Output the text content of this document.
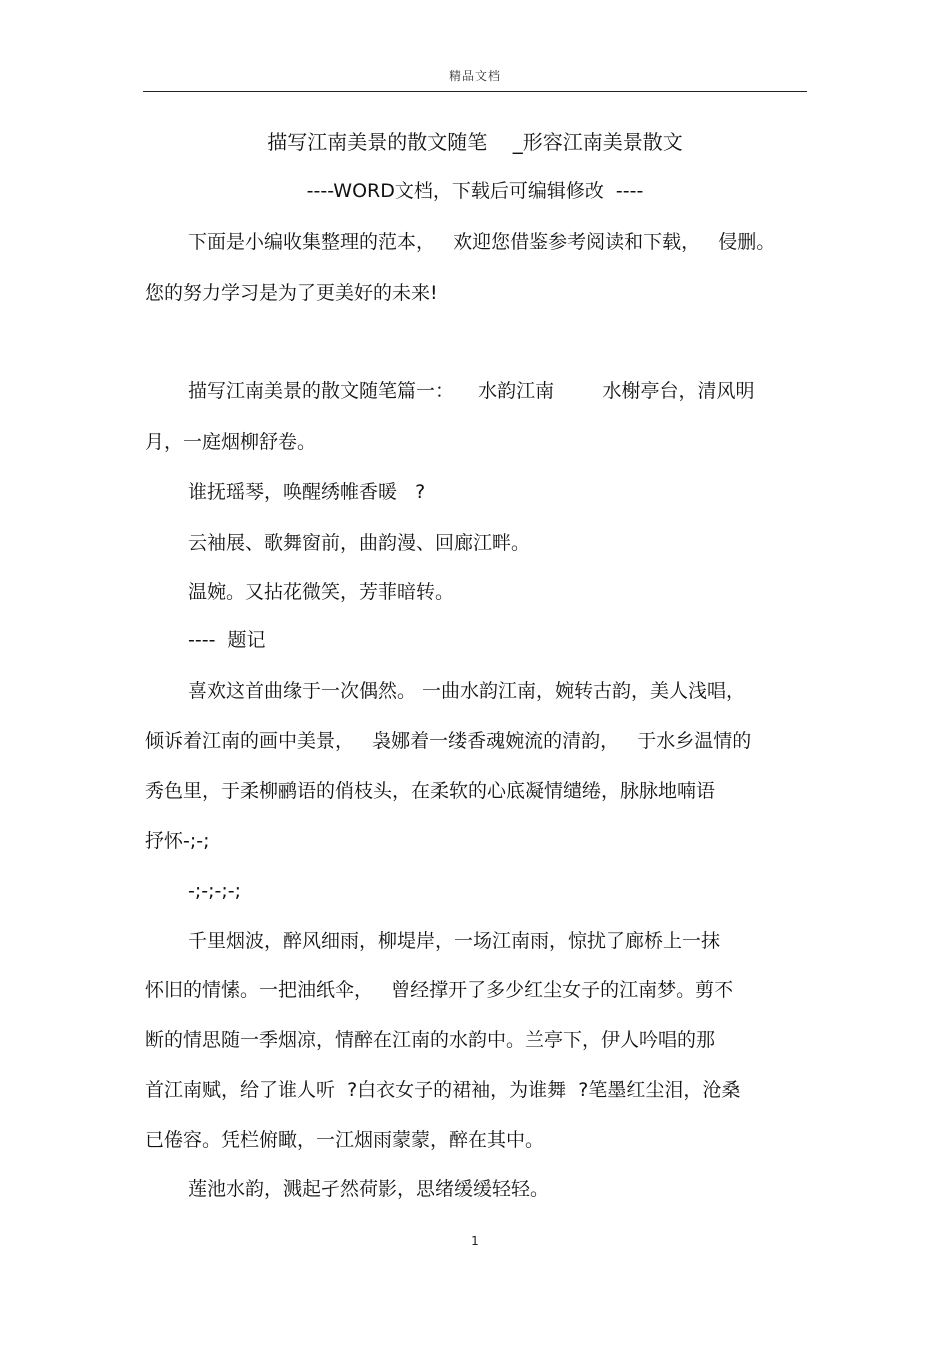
精品文档
描写江南美景的散文随笔    _形容江南美景散文
----WORD文档，下载后可编辑修改  ----
下面是小编收集整理的范本，   欢迎您借鉴参考阅读和下载，   侵删。
您的努力学习是为了更美好的未来!
描写江南美景的散文随笔篇一：    水韵江南        水榭亭台，清风明
月，一庭烟柳舒卷。
谁抚瑶琴，唤醒绣帷香暖   ?
云袖展、歌舞窗前，曲韵漫、回廊江畔。
温婉。又拈花微笑，芳菲暗转。
----  题记
喜欢这首曲缘于一次偶然。 一曲水韵江南，婉转古韵，美人浅唱，
倾诉着江南的画中美景，   袅娜着一缕香魂婉流的清韵，   于水乡温情的
秀色里，于柔柳鹂语的俏枝头，在柔软的心底凝情缱绻，脉脉地喃语
抒怀-;-;
-;-;-;-;
千里烟波，醉风细雨，柳堤岸，一场江南雨，惊扰了廊桥上一抹
怀旧的情愫。一把油纸伞，   曾经撑开了多少红尘女子的江南梦。剪不
断的情思随一季烟凉，情醉在江南的水韵中。兰亭下，伊人吟唱的那
首江南赋，给了谁人听  ?白衣女子的裙袖，为谁舞  ?笔墨红尘泪，沧桑
已倦容。凭栏俯瞰，一江烟雨蒙蒙，醉在其中。
莲池水韵，溅起孑然荷影，思绪缓缓轻轻。
1
